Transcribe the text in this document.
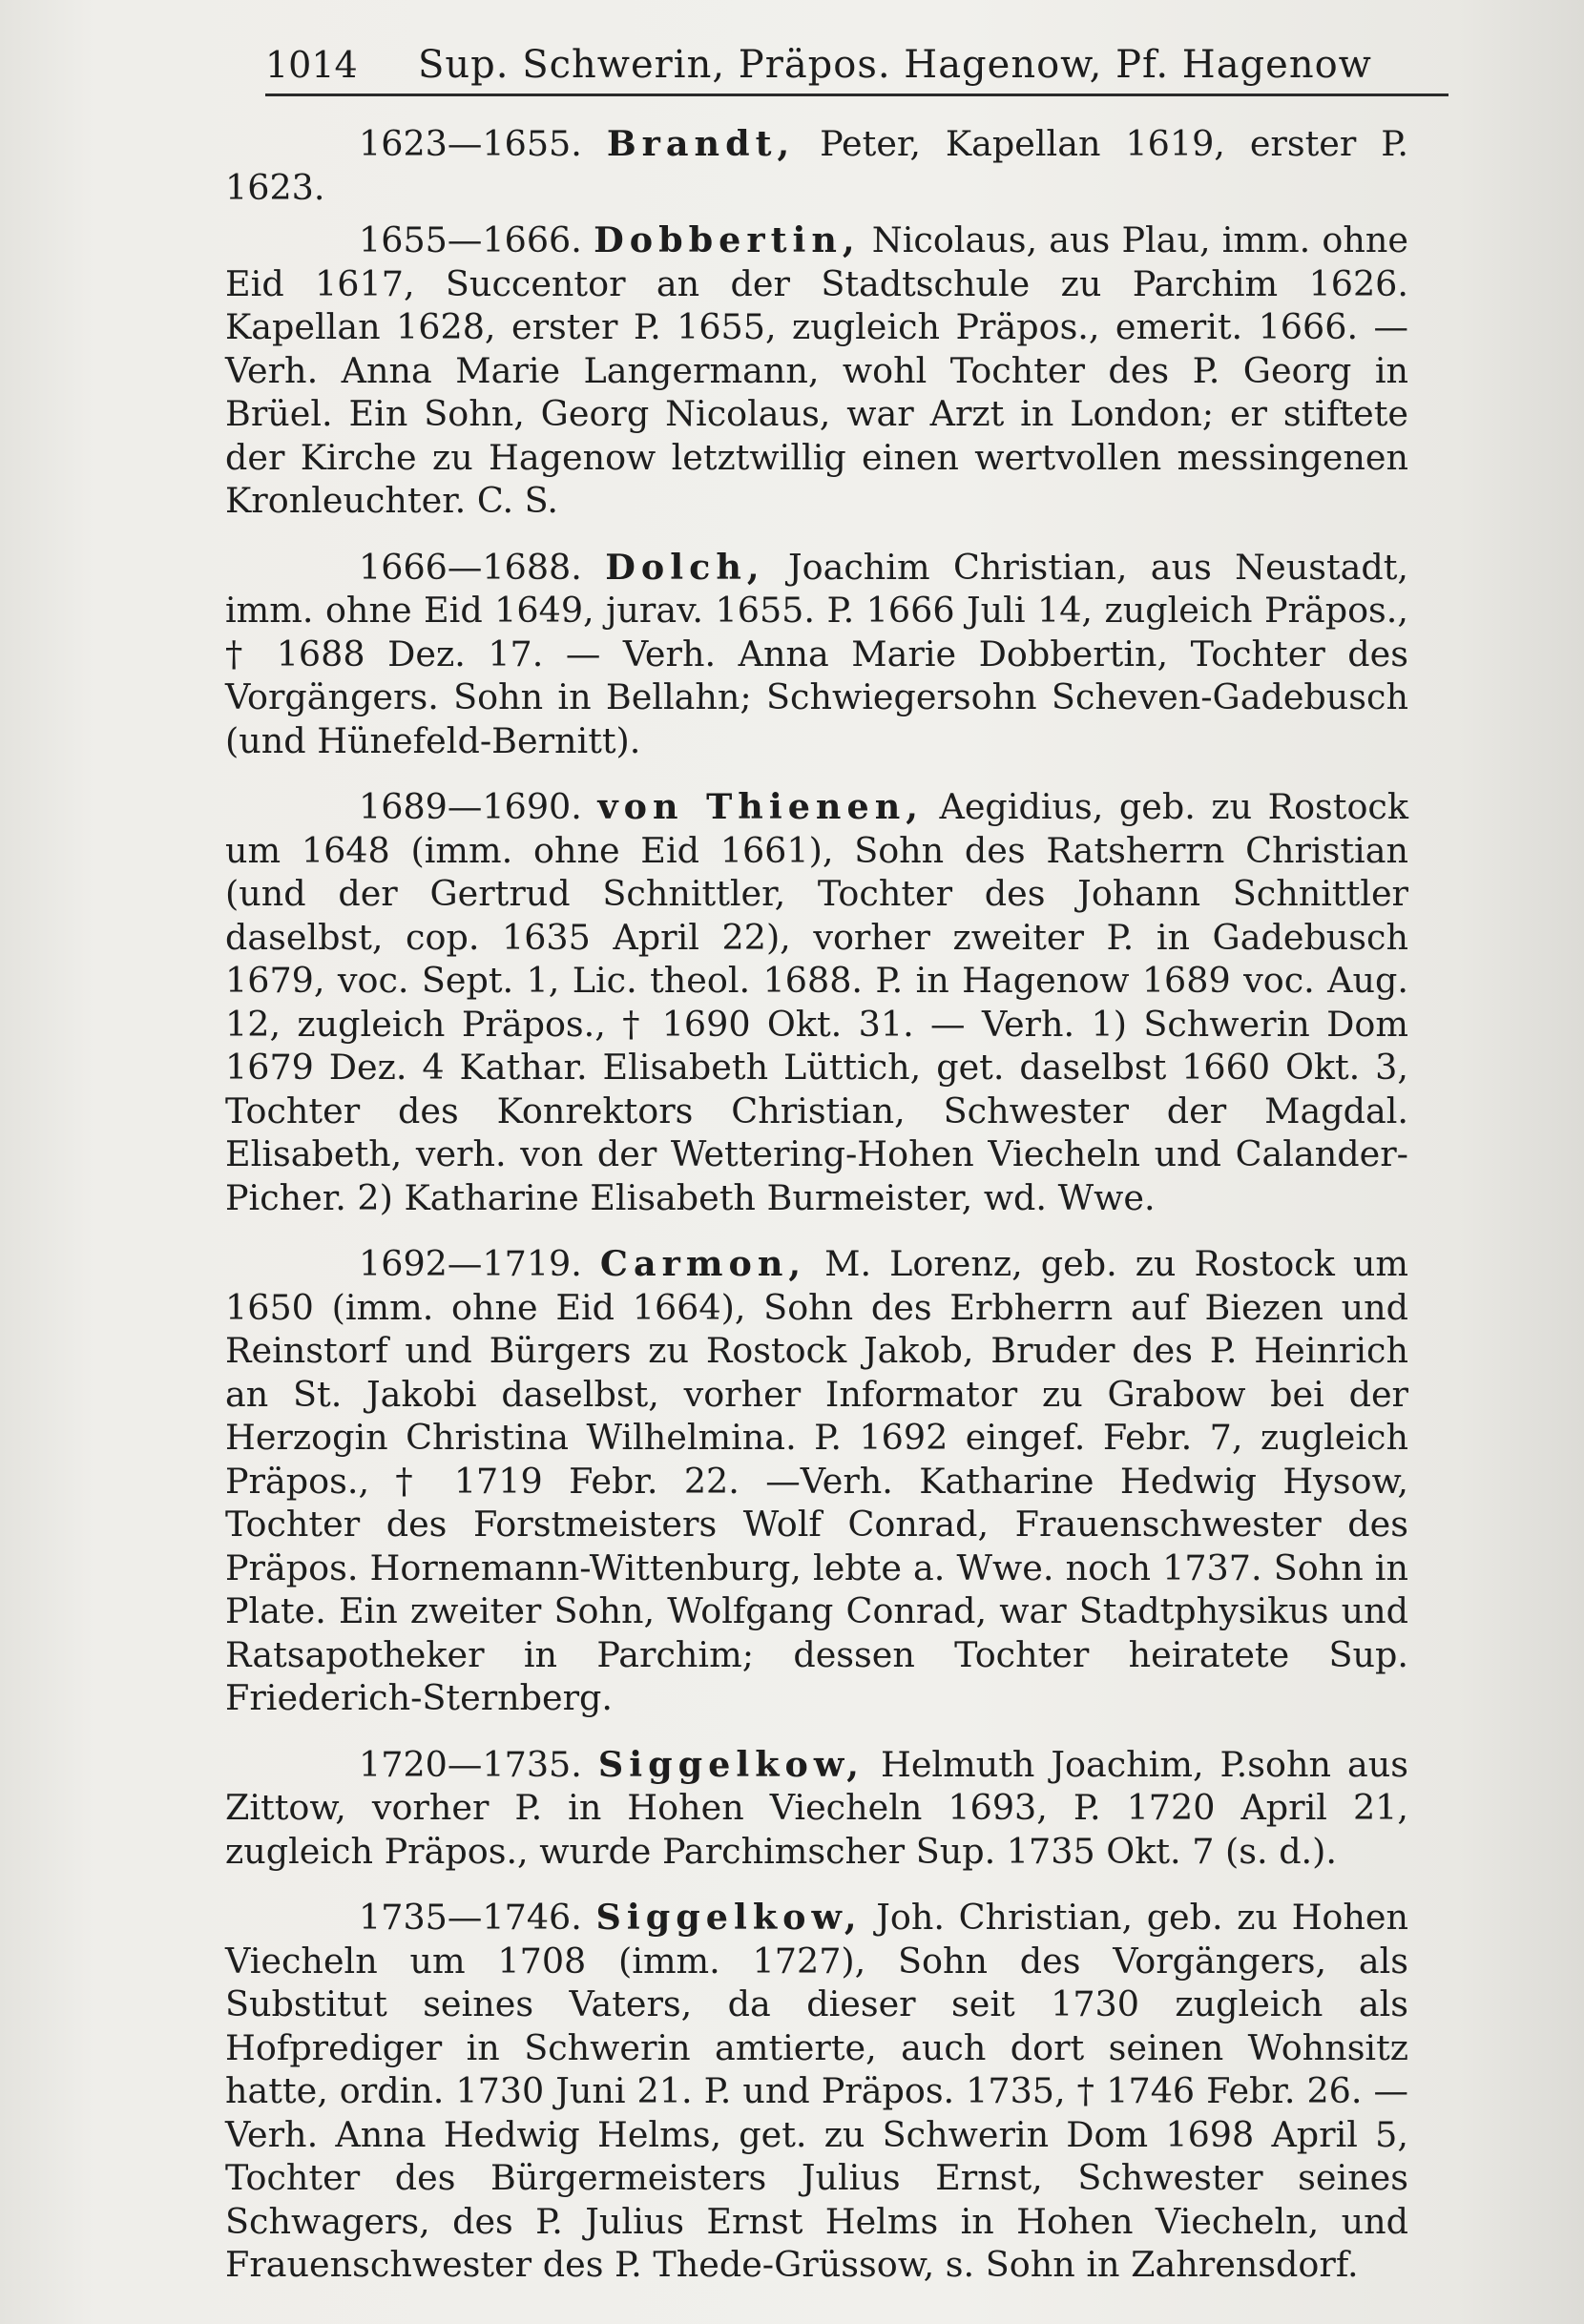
1014	Sup. Schwerin, Präpos. Hagenow, Pf. Hagenow

1623—1655. Brandt, Peter, Kapellan 1619, erster P. 1623.

1655—1666. Dobbertin, Nicolaus, aus Plau, imm. ohne Eid 1617, Succentor an der Stadtschule zu Parchim 1626. Kapellan 1628, erster P. 1655, zugleich Präpos., emerit. 1666. — Verh. Anna Marie Langermann, wohl Tochter des P. Georg in Brüel. Ein Sohn, Georg Nicolaus, war Arzt in London; er stiftete der Kirche zu Hagenow letztwillig einen wertvollen messingenen Kronleuchter. C. S.

1666—1688. Dolch, Joachim Christian, aus Neustadt, imm. ohne Eid 1649, jurav. 1655. P. 1666 Juli 14, zugleich Präpos., † 1688 Dez. 17. — Verh. Anna Marie Dobbertin, Tochter des Vorgängers. Sohn in Bellahn; Schwiegersohn Scheven-Gadebusch (und Hünefeld-Bernitt).

1689—1690. von Thienen, Aegidius, geb. zu Rostock um 1648 (imm. ohne Eid 1661), Sohn des Ratsherrn Christian (und der Gertrud Schnittler, Tochter des Johann Schnittler daselbst, cop. 1635 April 22), vorher zweiter P. in Gadebusch 1679, voc. Sept. 1, Lic. theol. 1688. P. in Hagenow 1689 voc. Aug. 12, zugleich Präpos., † 1690 Okt. 31. — Verh. 1) Schwerin Dom 1679 Dez. 4 Kathar. Elisabeth Lüttich, get. daselbst 1660 Okt. 3, Tochter des Konrektors Christian, Schwester der Magdal. Elisabeth, verh. von der Wettering-Hohen Viecheln und Calander-Picher. 2) Katharine Elisabeth Burmeister, wd. Wwe.

1692—1719. Carmon, M. Lorenz, geb. zu Rostock um 1650 (imm. ohne Eid 1664), Sohn des Erbherrn auf Biezen und Reinstorf und Bürgers zu Rostock Jakob, Bruder des P. Heinrich an St. Jakobi daselbst, vorher Informator zu Grabow bei der Herzogin Christina Wilhelmina. P. 1692 eingef. Febr. 7, zugleich Präpos., † 1719 Febr. 22. —Verh. Katharine Hedwig Hysow, Tochter des Forstmeisters Wolf Conrad, Frauenschwester des Präpos. Hornemann-Wittenburg, lebte a. Wwe. noch 1737. Sohn in Plate. Ein zweiter Sohn, Wolfgang Conrad, war Stadtphysikus und Ratsapotheker in Parchim; dessen Tochter heiratete Sup. Friederich-Sternberg.

1720—1735. Siggelkow, Helmuth Joachim, P.sohn aus Zittow, vorher P. in Hohen Viecheln 1693, P. 1720 April 21, zugleich Präpos., wurde Parchimscher Sup. 1735 Okt. 7 (s. d.).

1735—1746. Siggelkow, Joh. Christian, geb. zu Hohen Viecheln um 1708 (imm. 1727), Sohn des Vorgängers, als Substitut seines Vaters, da dieser seit 1730 zugleich als Hofprediger in Schwerin amtierte, auch dort seinen Wohnsitz hatte, ordin. 1730 Juni 21. P. und Präpos. 1735, † 1746 Febr. 26. — Verh. Anna Hedwig Helms, get. zu Schwerin Dom 1698 April 5, Tochter des Bürgermeisters Julius Ernst, Schwester seines Schwagers, des P. Julius Ernst Helms in Hohen Viecheln, und Frauenschwester des P. Thede-Grüssow, s. Sohn in Zahrensdorf.
